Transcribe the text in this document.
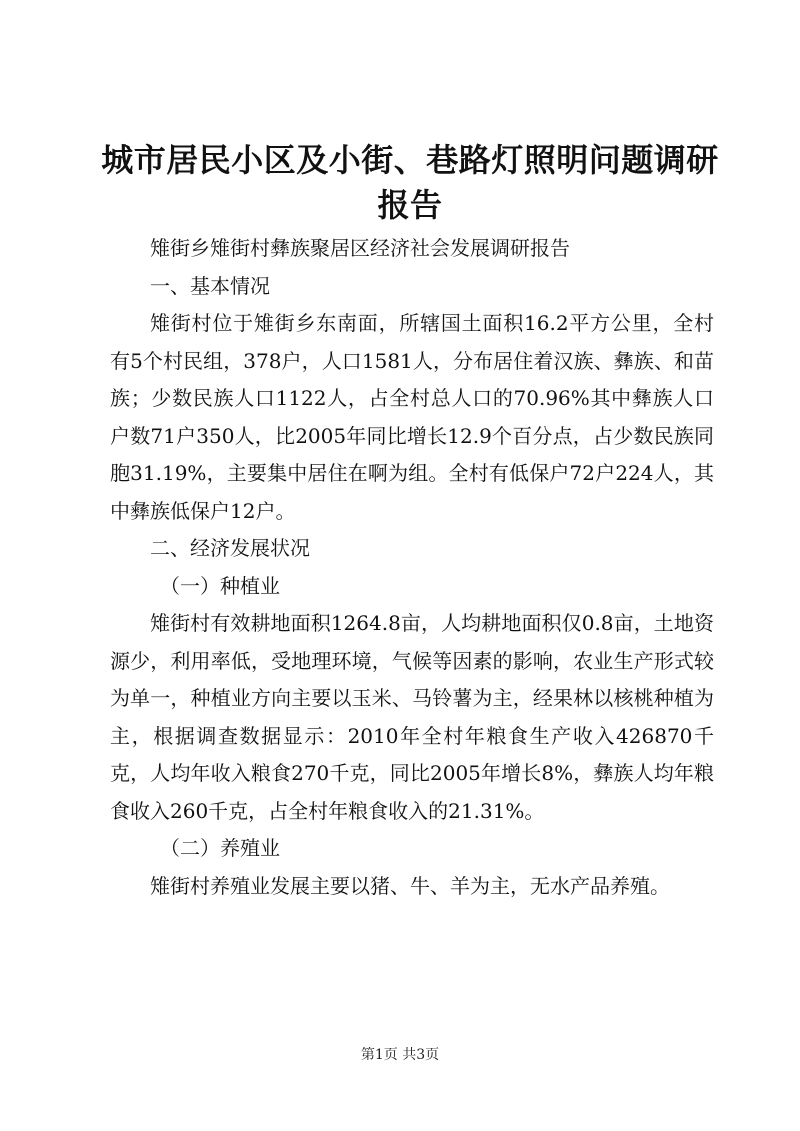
城市居民小区及小街、巷路灯照明问题调研报告

雉街乡雉街村彝族聚居区经济社会发展调研报告

一、基本情况

雉街村位于雉街乡东南面，所辖国土面积16.2平方公里，全村有5个村民组，378户，人口1581人，分布居住着汉族、彝族、和苗族；少数民族人口1122人，占全村总人口的70.96%其中彝族人口户数71户350人，比2005年同比增长12.9个百分点，占少数民族同胞31.19%，主要集中居住在啊为组。全村有低保户72户224人，其中彝族低保户12户。

二、经济发展状况

（一）种植业

雉街村有效耕地面积1264.8亩，人均耕地面积仅0.8亩，土地资源少，利用率低，受地理环境，气候等因素的影响，农业生产形式较为单一，种植业方向主要以玉米、马铃薯为主，经果林以核桃种植为主，根据调查数据显示：2010年全村年粮食生产收入426870千克，人均年收入粮食270千克，同比2005年增长8%，彝族人均年粮食收入260千克，占全村年粮食收入的21.31%。

（二）养殖业

雉街村养殖业发展主要以猪、牛、羊为主，无水产品养殖。

第1页 共3页
